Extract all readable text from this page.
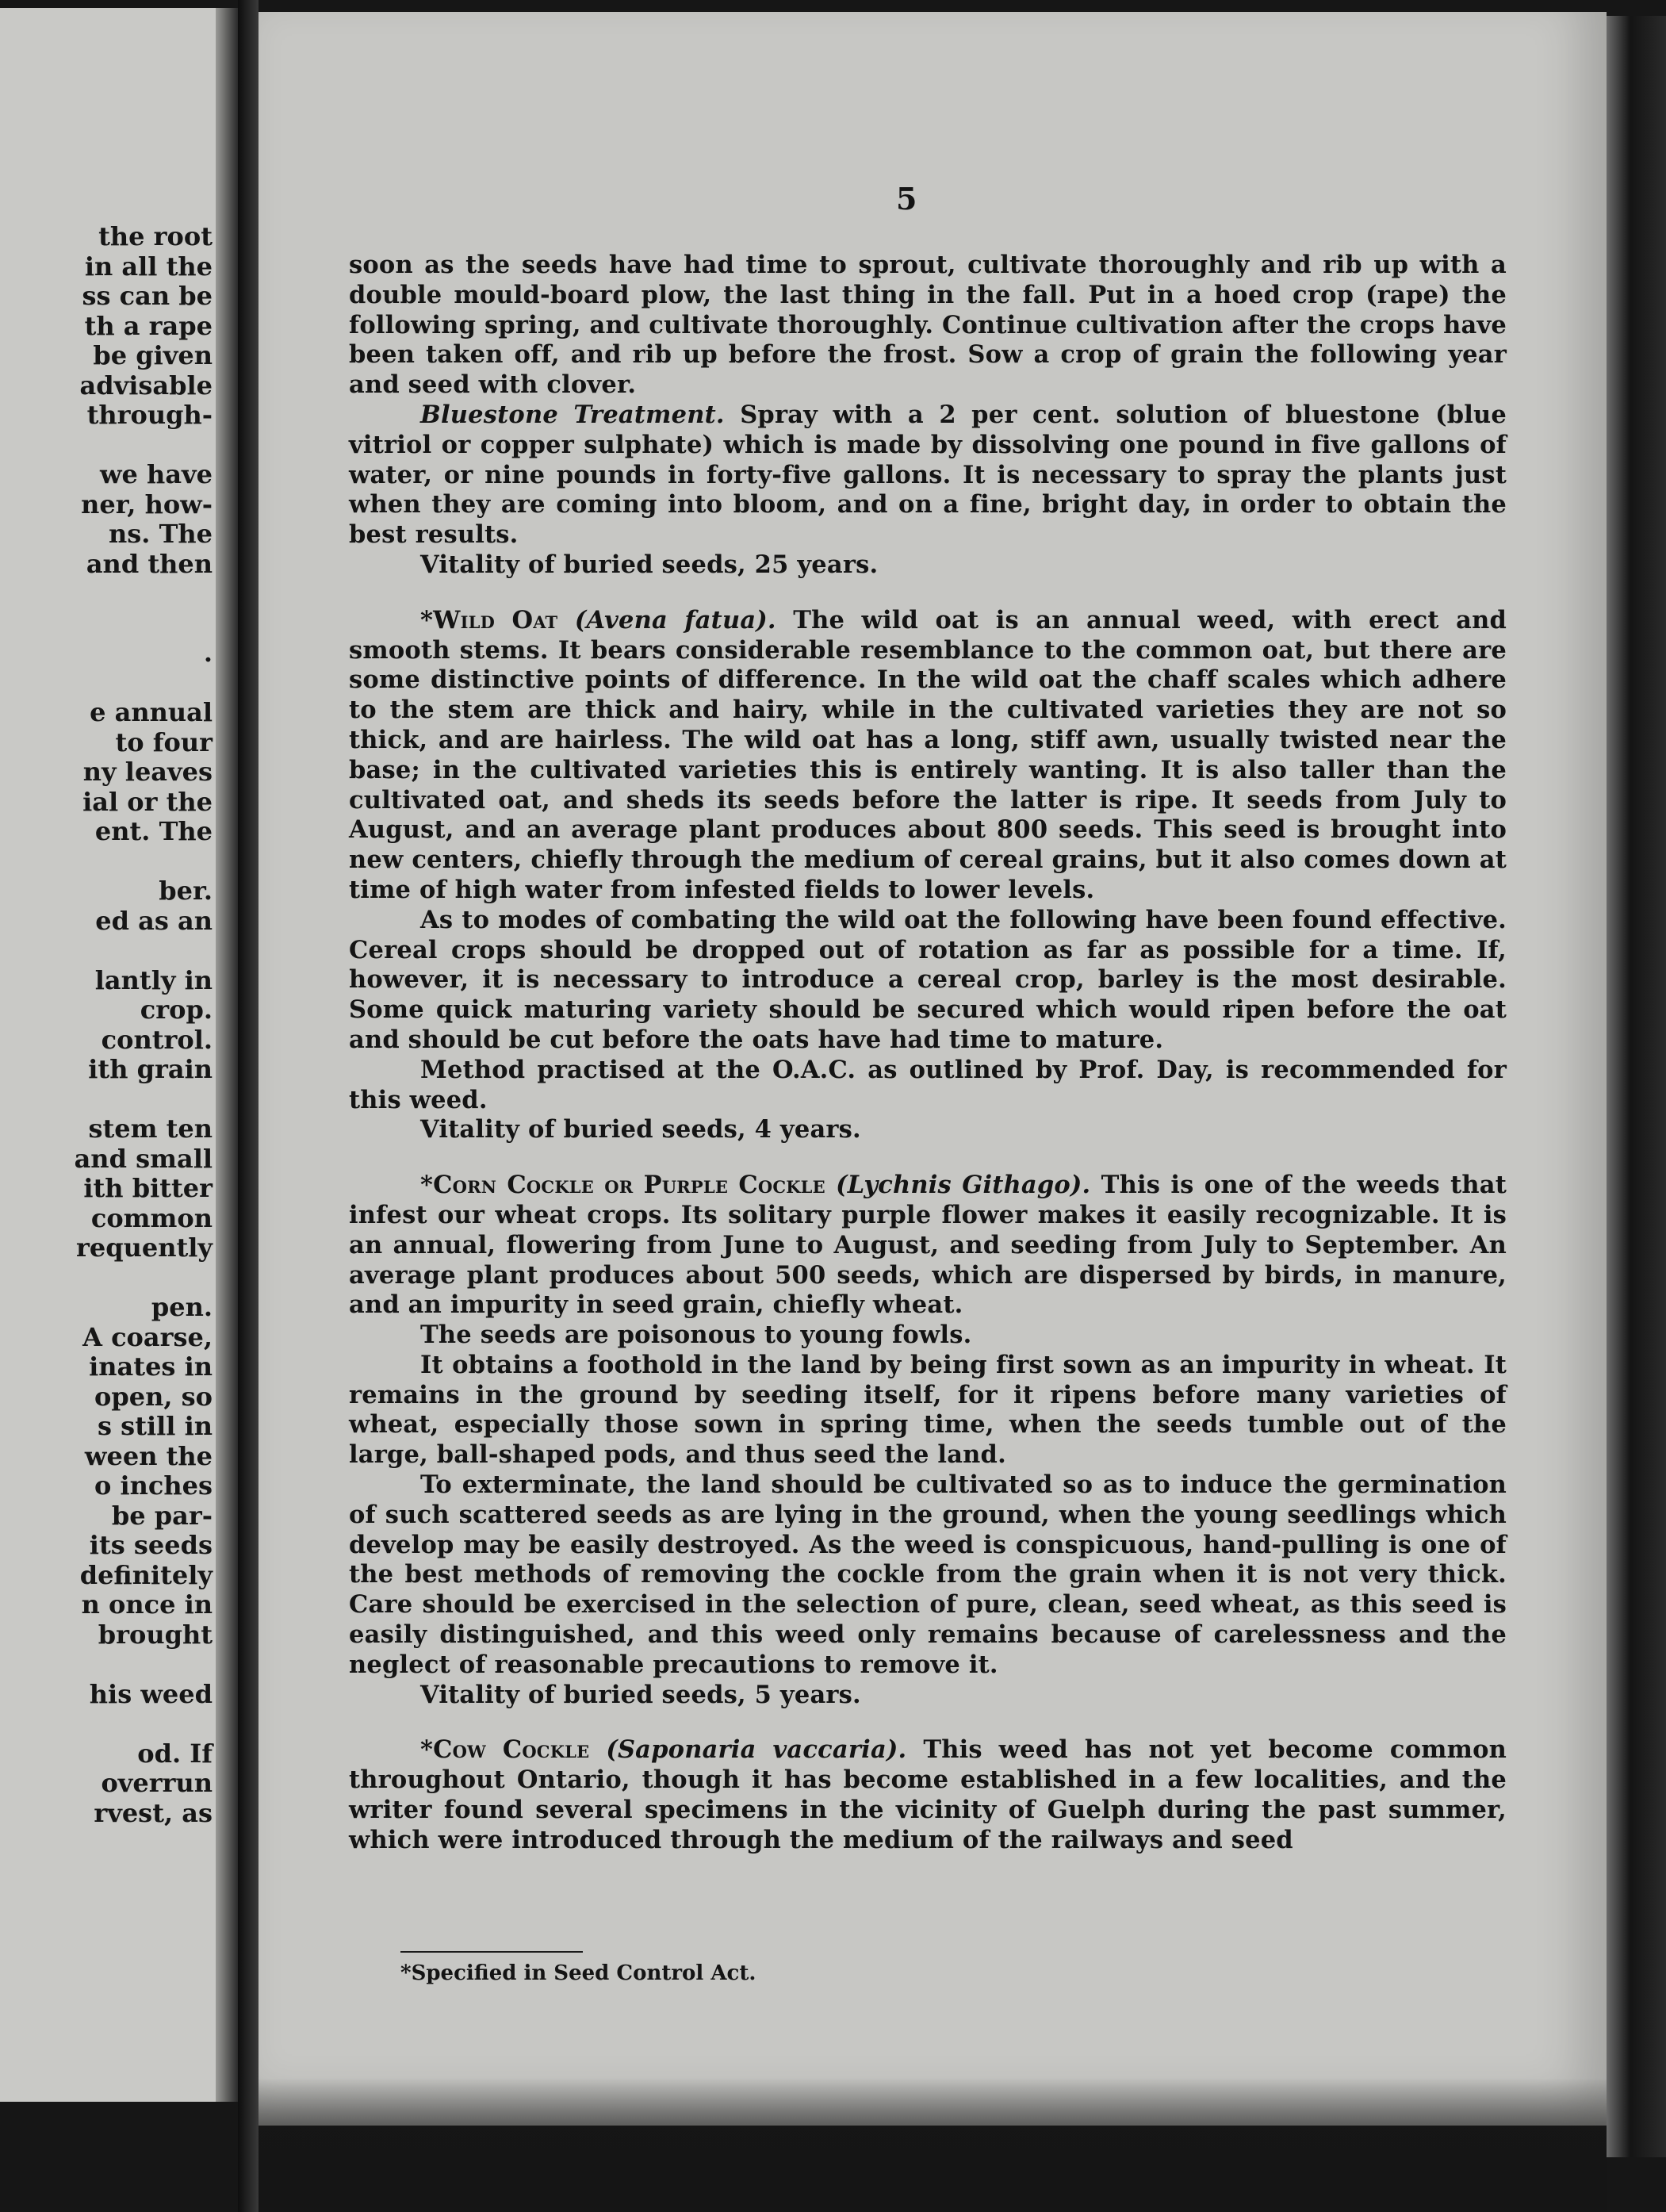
the root
in all the
ss can be
th a rape
be given
advisable
through-
we have
ner, how-
ns. The
and then
.
e annual
to four
ny leaves
ial or the
ent. The
ber.
ed as an
lantly in
crop.
control.
ith grain
stem ten
and small
ith bitter
common
requently
pen.
A coarse,
inates in
open, so
s still in
ween the
o inches
be par-
its seeds
definitely
n once in
brought
his weed
od. If
overrun
rvest, as
5

soon as the seeds have had time to sprout, cultivate thoroughly and rib up with a double mould-board plow, the last thing in the fall. Put in a hoed crop (rape) the following spring, and cultivate thoroughly. Continue cultivation after the crops have been taken off, and rib up before the frost. Sow a crop of grain the following year and seed with clover.

Bluestone Treatment. Spray with a 2 per cent. solution of bluestone (blue vitriol or copper sulphate) which is made by dissolving one pound in five gallons of water, or nine pounds in forty-five gallons. It is necessary to spray the plants just when they are coming into bloom, and on a fine, bright day, in order to obtain the best results.

Vitality of buried seeds, 25 years.

*Wild Oat (Avena fatua). The wild oat is an annual weed, with erect and smooth stems. It bears considerable resemblance to the common oat, but there are some distinctive points of difference. In the wild oat the chaff scales which adhere to the stem are thick and hairy, while in the cultivated varieties they are not so thick, and are hairless. The wild oat has a long, stiff awn, usually twisted near the base; in the cultivated varieties this is entirely wanting. It is also taller than the cultivated oat, and sheds its seeds before the latter is ripe. It seeds from July to August, and an average plant produces about 800 seeds. This seed is brought into new centers, chiefly through the medium of cereal grains, but it also comes down at time of high water from infested fields to lower levels.

As to modes of combating the wild oat the following have been found effective. Cereal crops should be dropped out of rotation as far as possible for a time. If, however, it is necessary to introduce a cereal crop, barley is the most desirable. Some quick maturing variety should be secured which would ripen before the oat and should be cut before the oats have had time to mature.

Method practised at the O.A.C. as outlined by Prof. Day, is recommended for this weed.

Vitality of buried seeds, 4 years.

*Corn Cockle or Purple Cockle (Lychnis Githago). This is one of the weeds that infest our wheat crops. Its solitary purple flower makes it easily recognizable. It is an annual, flowering from June to August, and seeding from July to September. An average plant produces about 500 seeds, which are dispersed by birds, in manure, and an impurity in seed grain, chiefly wheat.

The seeds are poisonous to young fowls.

It obtains a foothold in the land by being first sown as an impurity in wheat. It remains in the ground by seeding itself, for it ripens before many varieties of wheat, especially those sown in spring time, when the seeds tumble out of the large, ball-shaped pods, and thus seed the land.

To exterminate, the land should be cultivated so as to induce the germination of such scattered seeds as are lying in the ground, when the young seedlings which develop may be easily destroyed. As the weed is conspicuous, hand-pulling is one of the best methods of removing the cockle from the grain when it is not very thick. Care should be exercised in the selection of pure, clean, seed wheat, as this seed is easily distinguished, and this weed only remains because of carelessness and the neglect of reasonable precautions to remove it.

Vitality of buried seeds, 5 years.

*Cow Cockle (Saponaria vaccaria). This weed has not yet become common throughout Ontario, though it has become established in a few localities, and the writer found several specimens in the vicinity of Guelph during the past summer, which were introduced through the medium of the railways and seed

*Specified in Seed Control Act.
